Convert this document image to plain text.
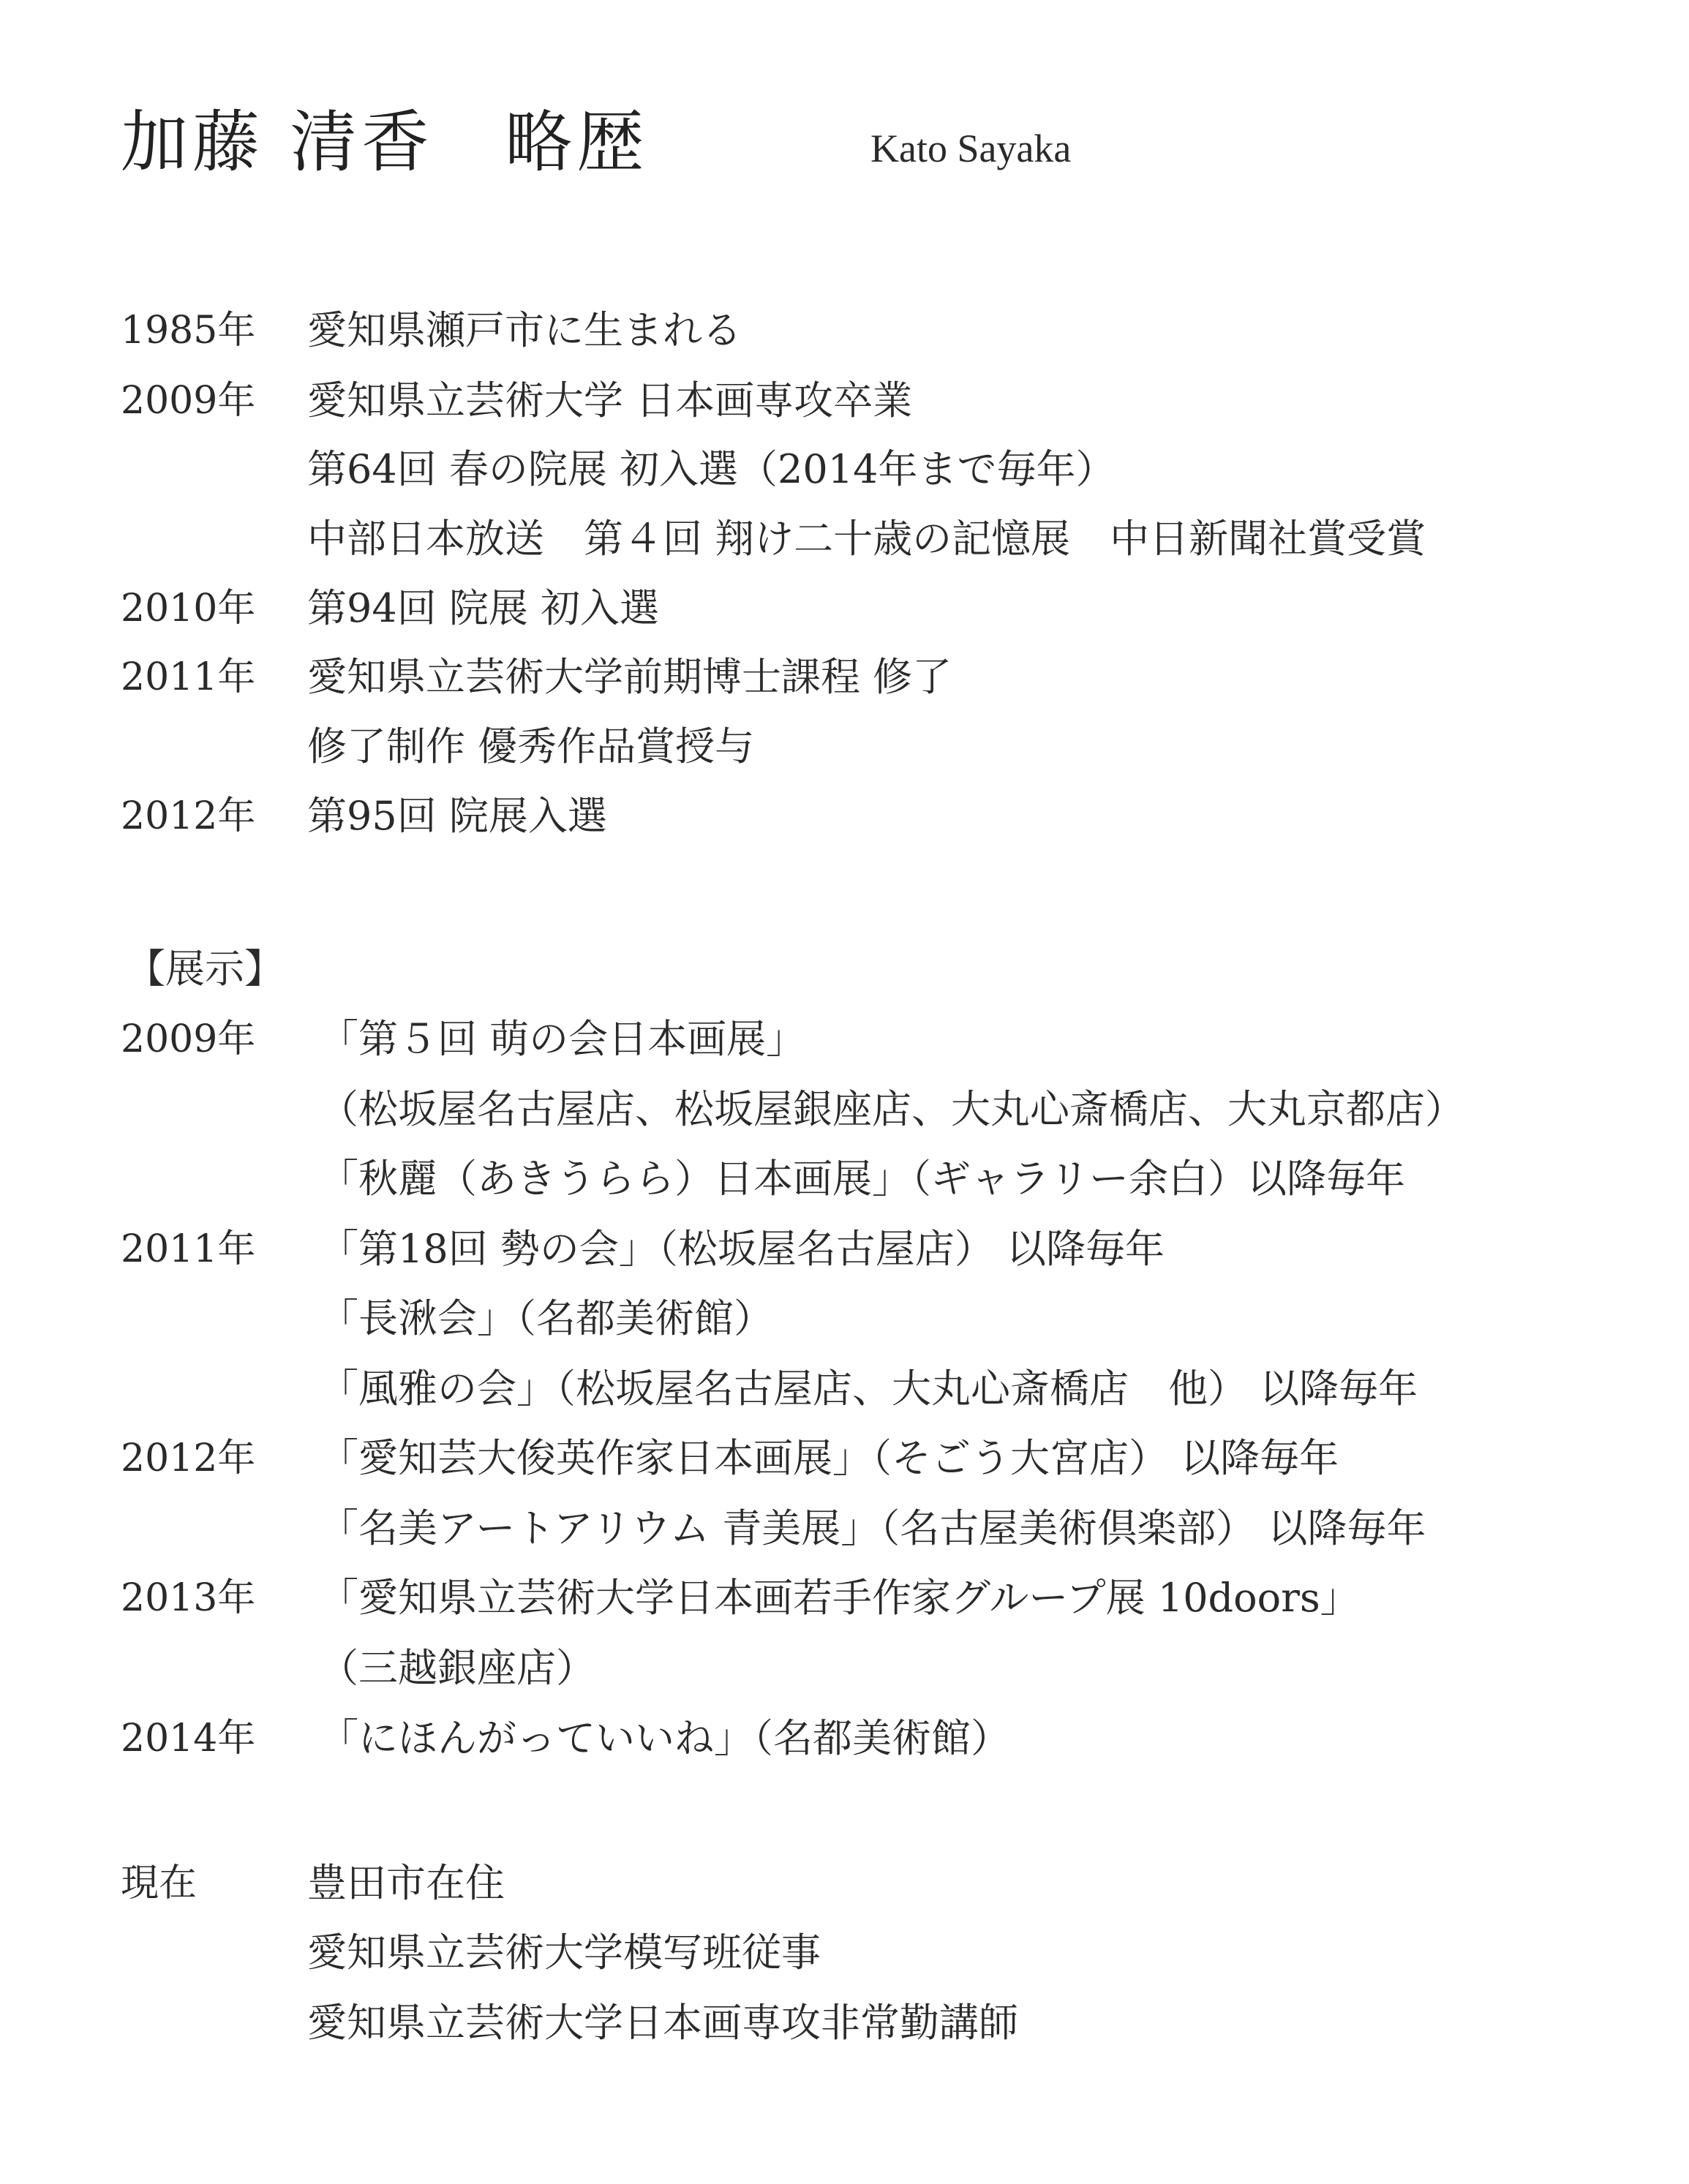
加藤 清香　略歴	Kato Sayaka
1985年 愛知県瀬戸市に生まれる
2009年 愛知県立芸術大学 日本画専攻卒業
第64回 春の院展 初入選（2014年まで毎年）
中部日本放送　第４回 翔け二十歳の記憶展　中日新聞社賞受賞
2010年 第94回 院展 初入選
2011年 愛知県立芸術大学前期博士課程 修了
修了制作 優秀作品賞授与
2012年 第95回 院展入選
【展示】
2009年 「第５回 萌の会日本画展」
（松坂屋名古屋店、松坂屋銀座店、大丸心斎橋店、大丸京都店）
「秋麗（あきうらら）日本画展」（ギャラリー余白）以降毎年
2011年 「第18回 勢の会」（松坂屋名古屋店） 以降毎年
「長湫会」（名都美術館）
「風雅の会」（松坂屋名古屋店、大丸心斎橋店　他） 以降毎年
2012年 「愛知芸大俊英作家日本画展」（そごう大宮店） 以降毎年
「名美アートアリウム 青美展」（名古屋美術倶楽部） 以降毎年
2013年 「愛知県立芸術大学日本画若手作家グループ展 10doors」
（三越銀座店）
2014年 「にほんがっていいね」（名都美術館）
現在	豊田市在住
愛知県立芸術大学模写班従事
愛知県立芸術大学日本画専攻非常勤講師
